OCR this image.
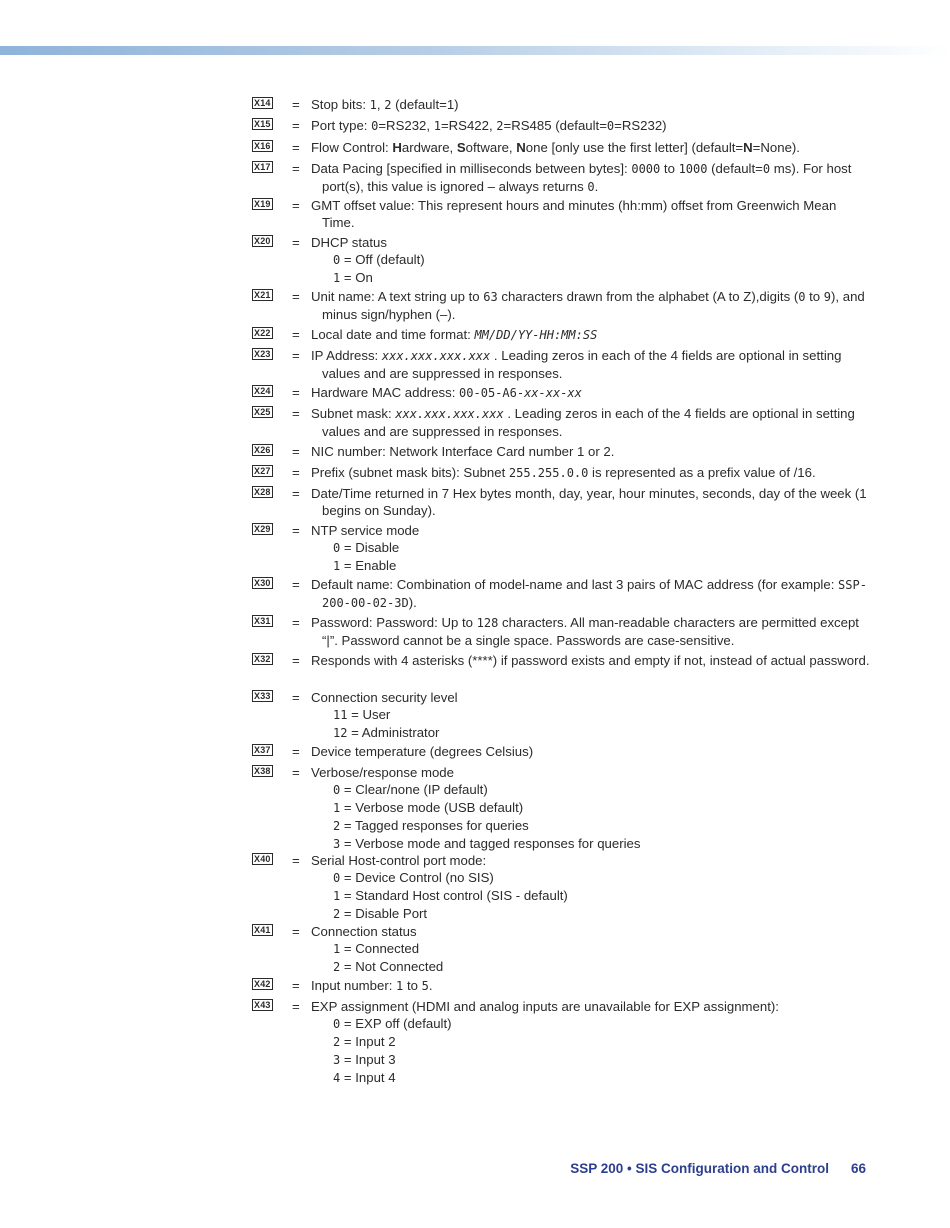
X14 = Stop bits: 1, 2 (default=1)
X15 = Port type: 0=RS232, 1=RS422, 2=RS485 (default=0=RS232)
X16 = Flow Control: Hardware, Software, None [only use the first letter] (default=N=None).
X17 = Data Pacing [specified in milliseconds between bytes]: 0000 to 1000 (default=0 ms). For host port(s), this value is ignored – always returns 0.
X19 = GMT offset value: This represent hours and minutes (hh:mm) offset from Greenwich Mean Time.
X20 = DHCP status
0 = Off (default)
1 = On
X21 = Unit name: A text string up to 63 characters drawn from the alphabet (A to Z),digits (0 to 9), and minus sign/hyphen (–).
X22 = Local date and time format: MM/DD/YY-HH:MM:SS
X23 = IP Address: xxx.xxx.xxx.xxx . Leading zeros in each of the 4 fields are optional in setting values and are suppressed in responses.
X24 = Hardware MAC address: 00-05-A6-xx-xx-xx
X25 = Subnet mask: xxx.xxx.xxx.xxx . Leading zeros in each of the 4 fields are optional in setting values and are suppressed in responses.
X26 = NIC number: Network Interface Card number 1 or 2.
X27 = Prefix (subnet mask bits): Subnet 255.255.0.0 is represented as a prefix value of /16.
X28 = Date/Time returned in 7 Hex bytes month, day, year, hour minutes, seconds, day of the week (1 begins on Sunday).
X29 = NTP service mode
0 = Disable
1 = Enable
X30 = Default name: Combination of model-name and last 3 pairs of MAC address (for example: SSP-200-00-02-3D).
X31 = Password: Password: Up to 128 characters. All man-readable characters are permitted except “|”. Password cannot be a single space. Passwords are case-sensitive.
X32 = Responds with 4 asterisks (****) if password exists and empty if not, instead of actual password.
X33 = Connection security level
11 = User
12 = Administrator
X37 = Device temperature (degrees Celsius)
X38 = Verbose/response mode
0 = Clear/none (IP default)
1 = Verbose mode (USB default)
2 = Tagged responses for queries
3 = Verbose mode and tagged responses for queries
X40 = Serial Host-control port mode:
0 = Device Control (no SIS)
1 = Standard Host control (SIS - default)
2 = Disable Port
X41 = Connection status
1 = Connected
2 = Not Connected
X42 = Input number: 1 to 5.
X43 = EXP assignment (HDMI and analog inputs are unavailable for EXP assignment):
0 = EXP off (default)
2 = Input 2
3 = Input 3
4 = Input 4
SSP 200 • SIS Configuration and Control 66
